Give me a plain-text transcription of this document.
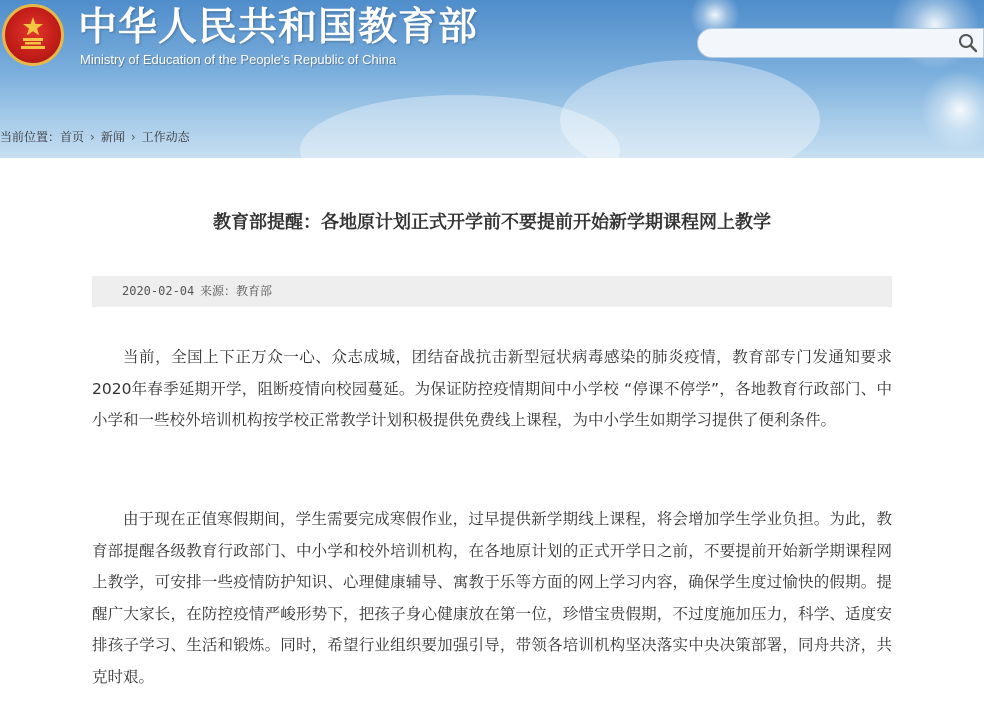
中华人民共和国教育部
Ministry of Education of the People's Republic of China
当前位置：首页 › 新闻 › 工作动态
教育部提醒：各地原计划正式开学前不要提前开始新学期课程网上教学
2020-02-04 来源：教育部

当前，全国上下正万众一心、众志成城，团结奋战抗击新型冠状病毒感染的肺炎疫情，教育部专门发通知要求2020年春季延期开学，阻断疫情向校园蔓延。为保证防控疫情期间中小学校 “停课不停学”，各地教育行政部门、中小学和一些校外培训机构按学校正常教学计划积极提供免费线上课程，为中小学生如期学习提供了便利条件。

由于现在正值寒假期间，学生需要完成寒假作业，过早提供新学期线上课程，将会增加学生学业负担。为此，教育部提醒各级教育行政部门、中小学和校外培训机构，在各地原计划的正式开学日之前，不要提前开始新学期课程网上教学，可安排一些疫情防护知识、心理健康辅导、寓教于乐等方面的网上学习内容，确保学生度过愉快的假期。提醒广大家长，在防控疫情严峻形势下，把孩子身心健康放在第一位，珍惜宝贵假期，不过度施加压力，科学、适度安排孩子学习、生活和锻炼。同时，希望行业组织要加强引导，带领各培训机构坚决落实中央决策部署，同舟共济，共克时艰。
